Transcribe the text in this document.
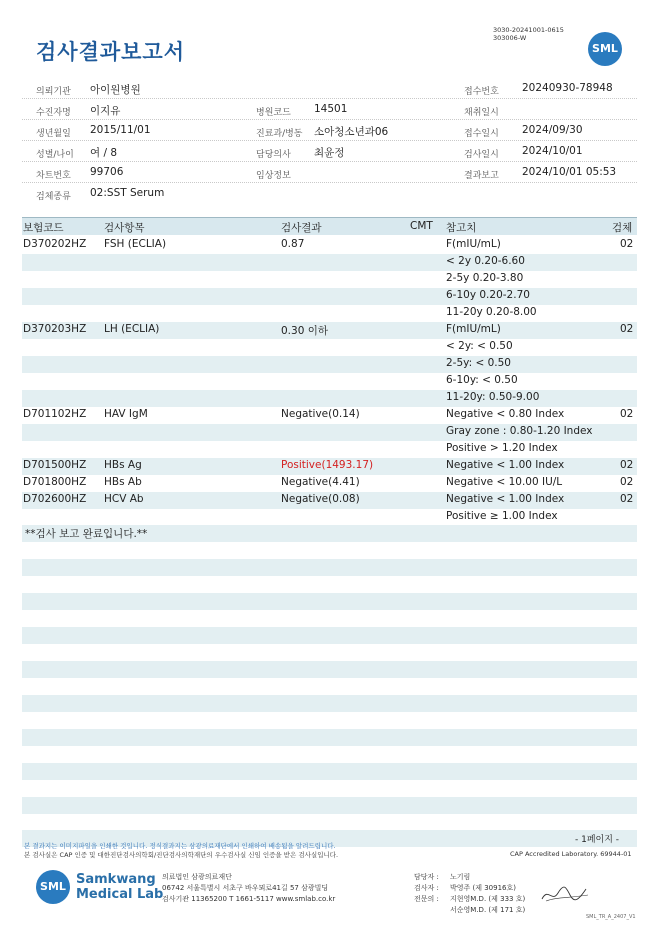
검사결과보고서
3030-20241001-0615
303006-W
SML
의뢰기관 아이원병원	접수번호 20240930-78948
수진자명 이지유	병원코드 14501	채취일시
생년월일 2015/11/01	진료과/병동 소아청소년과06	접수일시 2024/09/30
성별/나이 여 / 8	담당의사 최윤정	검사일시 2024/10/01
차트번호 99706	임상정보	결과보고 2024/10/01 05:53
검체종류 02:SST Serum
보험코드	검사항목	검사결과	CMT 참고치	검체
D370202HZ FSH (ECLIA)	0.87	F(mIU/mL)	02
< 2y 0.20-6.60
2-5y 0.20-3.80
6-10y 0.20-2.70
11-20y 0.20-8.00
D370203HZ LH (ECLIA)	0.30 이하	F(mIU/mL)	02
< 2y: < 0.50
2-5y: < 0.50
6-10y: < 0.50
11-20y: 0.50-9.00
D701102HZ HAV IgM	Negative(0.14)	Negative < 0.80 Index	02
Gray zone : 0.80-1.20 Index
Positive > 1.20 Index
D701500HZ HBs Ag	Positive(1493.17)	Negative < 1.00 Index	02
D701800HZ HBs Ab	Negative(4.41)	Negative < 10.00 IU/L	02
D702600HZ HCV Ab	Negative(0.08)	Negative < 1.00 Index	02
Positive ≥ 1.00 Index
**검사 보고 완료입니다.**
본 결과지는 이미지파일을 인쇄한 것입니다. 정식결과지는 삼광의료재단에서 인쇄하여 배송됨을 알려드립니다.
본 검사실은 CAP 인증 및 대한진단검사의학회/진단검사의학재단의 우수검사실 신임 인증을 받은 검사실입니다.
- 1페이지 -
CAP Accredited Laboratory. 69944-01
SML Samkwang
Medical Lab
의료법인 삼광의료재단
06742 서울특별시 서초구 바우뫼로41길 57 삼광빌딩
검사기관 11365200 T 1661-5117 www.smlab.co.kr
담당자 : 노기림
검사자 : 박영주 (제 30916호)
전문의 : 지현영M.D. (제 333 호)
서순영M.D. (제 171 호)
SML_TR_A_2407_V1
